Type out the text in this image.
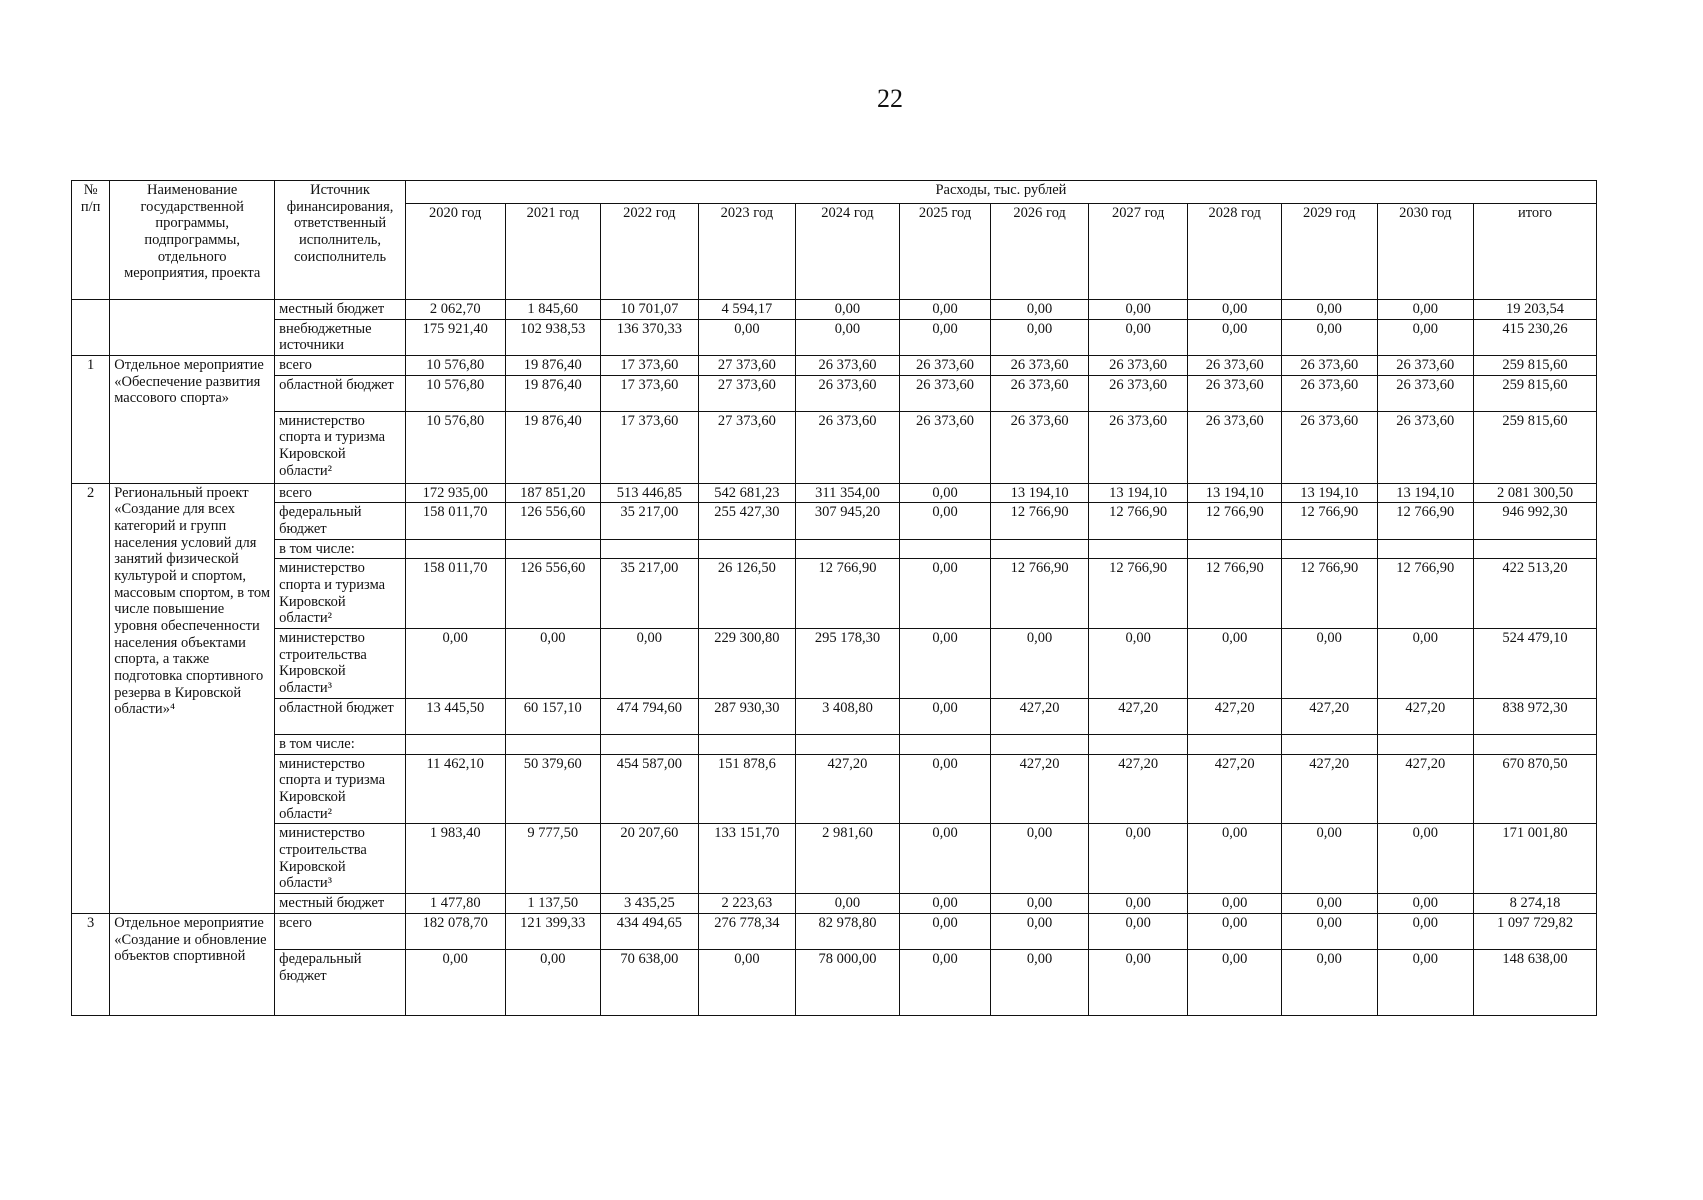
22
№ п/п	Наименование государственной программы, подпрограммы, отдельного мероприятия, проекта	Источник финансирования, ответственный исполнитель, соисполнитель	Расходы, тыс. рублей											
			2020 год	2021 год	2022 год	2023 год	2024 год	2025 год	2026 год	2027 год	2028 год	2029 год	2030 год	итого
		местный бюджет	2 062,70	1 845,60	10 701,07	4 594,17	0,00	0,00	0,00	0,00	0,00	0,00	0,00	19 203,54
		внебюджетные источники	175 921,40	102 938,53	136 370,33	0,00	0,00	0,00	0,00	0,00	0,00	0,00	0,00	415 230,26
1	Отдельное мероприятие «Обеспечение развития массового спорта»	всего	10 576,80	19 876,40	17 373,60	27 373,60	26 373,60	26 373,60	26 373,60	26 373,60	26 373,60	26 373,60	26 373,60	259 815,60
		областной бюджет	10 576,80	19 876,40	17 373,60	27 373,60	26 373,60	26 373,60	26 373,60	26 373,60	26 373,60	26 373,60	26 373,60	259 815,60
		министерство спорта и туризма Кировской области²	10 576,80	19 876,40	17 373,60	27 373,60	26 373,60	26 373,60	26 373,60	26 373,60	26 373,60	26 373,60	26 373,60	259 815,60
2	Региональный проект «Создание для всех категорий и групп населения условий для занятий физической культурой и спортом, массовым спортом, в том числе повышение уровня обеспеченности населения объектами спорта, а также подготовка спортивного резерва в Кировской области»⁴	всего	172 935,00	187 851,20	513 446,85	542 681,23	311 354,00	0,00	13 194,10	13 194,10	13 194,10	13 194,10	13 194,10	2 081 300,50
		федеральный бюджет	158 011,70	126 556,60	35 217,00	255 427,30	307 945,20	0,00	12 766,90	12 766,90	12 766,90	12 766,90	12 766,90	946 992,30
		в том числе:												
		министерство спорта и туризма Кировской области²	158 011,70	126 556,60	35 217,00	26 126,50	12 766,90	0,00	12 766,90	12 766,90	12 766,90	12 766,90	12 766,90	422 513,20
		министерство строительства Кировской области³	0,00	0,00	0,00	229 300,80	295 178,30	0,00	0,00	0,00	0,00	0,00	0,00	524 479,10
		областной бюджет	13 445,50	60 157,10	474 794,60	287 930,30	3 408,80	0,00	427,20	427,20	427,20	427,20	427,20	838 972,30
		в том числе:												
		министерство спорта и туризма Кировской области²	11 462,10	50 379,60	454 587,00	151 878,6	427,20	0,00	427,20	427,20	427,20	427,20	427,20	670 870,50
		министерство строительства Кировской области³	1 983,40	9 777,50	20 207,60	133 151,70	2 981,60	0,00	0,00	0,00	0,00	0,00	0,00	171 001,80
		местный бюджет	1 477,80	1 137,50	3 435,25	2 223,63	0,00	0,00	0,00	0,00	0,00	0,00	0,00	8 274,18
3	Отдельное мероприятие «Создание и обновление объектов спортивной	всего	182 078,70	121 399,33	434 494,65	276 778,34	82 978,80	0,00	0,00	0,00	0,00	0,00	0,00	1 097 729,82
		федеральный бюджет	0,00	0,00	70 638,00	0,00	78 000,00	0,00	0,00	0,00	0,00	0,00	0,00	148 638,00
